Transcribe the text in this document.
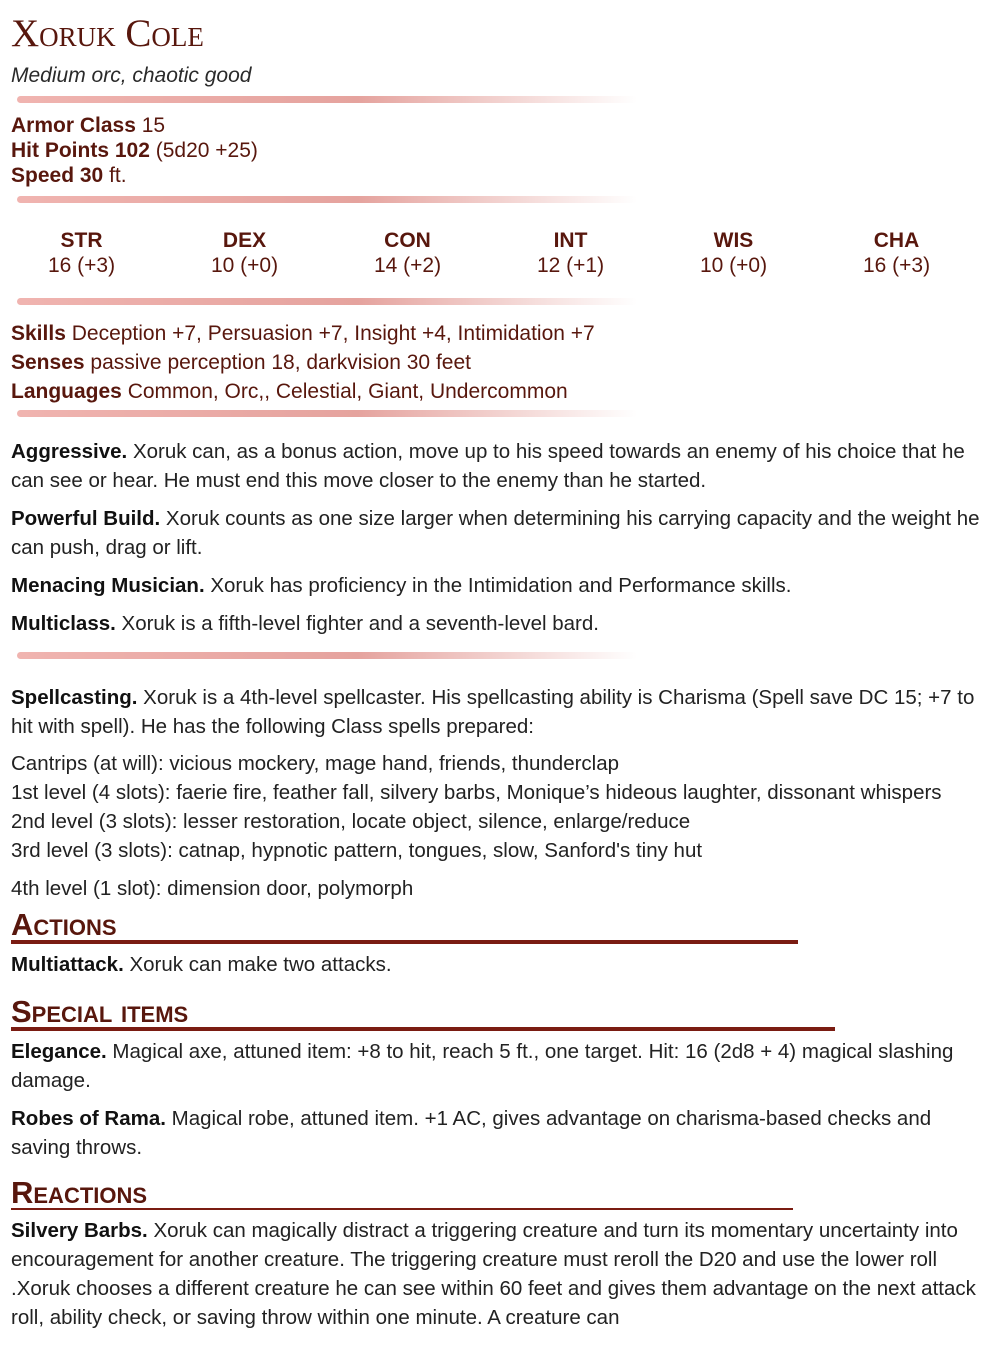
Xoruk Cole
Medium orc, chaotic good
Armor Class 15
Hit Points 102 (5d20 +25)
Speed 30 ft.
STR
16 (+3)
DEX
10 (+0)
CON
14 (+2)
INT
12 (+1)
WIS
10 (+0)
CHA
16 (+3)
Skills Deception +7, Persuasion +7, Insight +4, Intimidation +7
Senses passive perception 18, darkvision 30 feet
Languages Common, Orc,, Celestial, Giant, Undercommon

Aggressive. Xoruk can, as a bonus action, move up to his speed towards an enemy of his choice that he can see or hear. He must end this move closer to the enemy than he started.

Powerful Build. Xoruk counts as one size larger when determining his carrying capacity and the weight he can push, drag or lift.

Menacing Musician. Xoruk has proficiency in the Intimidation and Performance skills.

Multiclass. Xoruk is a fifth-level fighter and a seventh-level bard.

Spellcasting. Xoruk is a 4th-level spellcaster. His spellcasting ability is Charisma (Spell save DC 15; +7 to hit with spell). He has the following Class spells prepared:

Cantrips (at will): vicious mockery, mage hand, friends, thunderclap

1st level (4 slots): faerie fire, feather fall, silvery barbs, Monique’s hideous laughter, dissonant whispers

2nd level (3 slots): lesser restoration, locate object, silence, enlarge/reduce

3rd level (3 slots): catnap, hypnotic pattern, tongues, slow, Sanford's tiny hut

4th level (1 slot): dimension door, polymorph

Actions

Multiattack. Xoruk can make two attacks.

Special items

Elegance. Magical axe, attuned item: +8 to hit, reach 5 ft., one target. Hit: 16 (2d8 + 4) magical slashing damage.

Robes of Rama. Magical robe, attuned item. +1 AC, gives advantage on charisma-based checks and saving throws.

Reactions

Silvery Barbs. Xoruk can magically distract a triggering creature and turn its momentary uncertainty into encouragement for another creature. The triggering creature must reroll the D20 and use the lower roll .Xoruk chooses a different creature he can see within 60 feet and gives them advantage on the next attack roll, ability check, or saving throw within one minute. A creature can
